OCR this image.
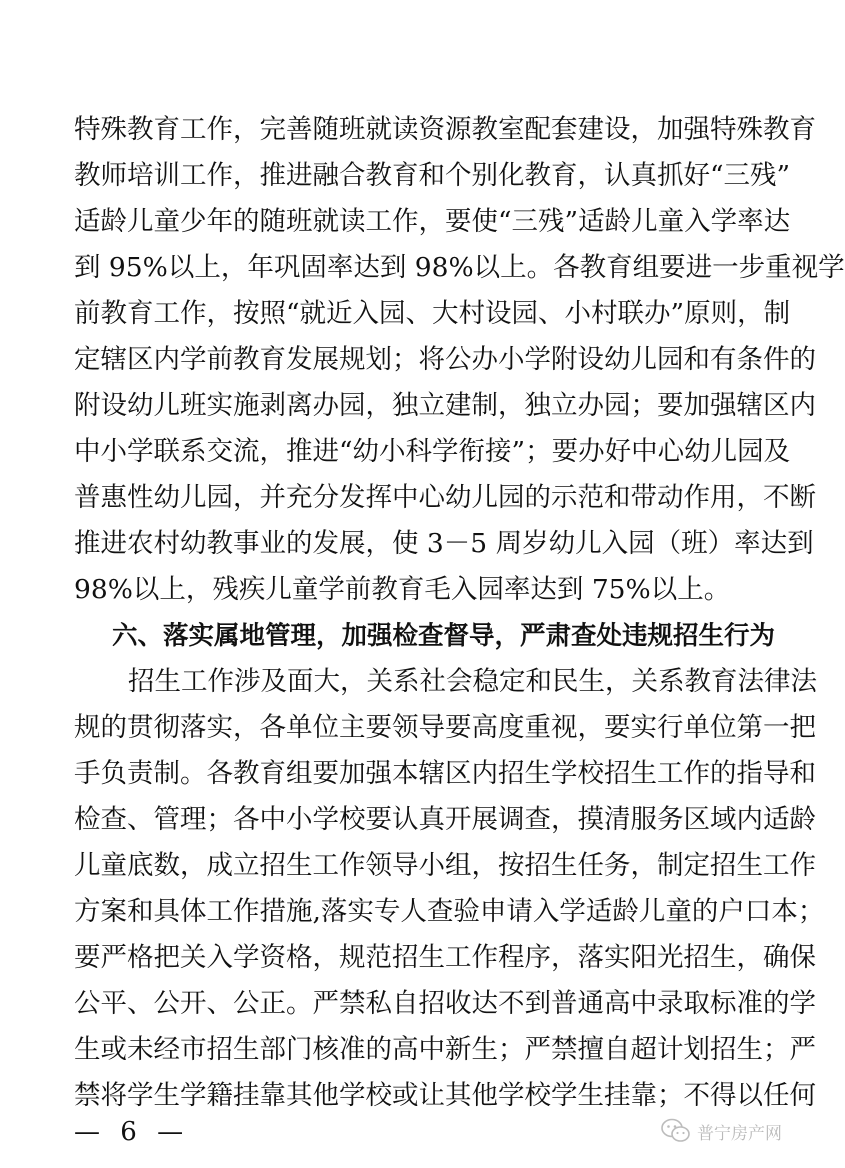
特殊教育工作，完善随班就读资源教室配套建设，加强特殊教育
教师培训工作，推进融合教育和个别化教育，认真抓好“三残”
适龄儿童少年的随班就读工作，要使“三残”适龄儿童入学率达
到 95%以上，年巩固率达到 98%以上。各教育组要进一步重视学
前教育工作，按照“就近入园、大村设园、小村联办”原则，制
定辖区内学前教育发展规划；将公办小学附设幼儿园和有条件的
附设幼儿班实施剥离办园，独立建制，独立办园；要加强辖区内
中小学联系交流，推进“幼小科学衔接”；要办好中心幼儿园及
普惠性幼儿园，并充分发挥中心幼儿园的示范和带动作用，不断
推进农村幼教事业的发展，使 3－5 周岁幼儿入园（班）率达到
98%以上，残疾儿童学前教育毛入园率达到 75%以上。
六、落实属地管理，加强检查督导，严肃查处违规招生行为
招生工作涉及面大，关系社会稳定和民生，关系教育法律法
规的贯彻落实，各单位主要领导要高度重视，要实行单位第一把
手负责制。各教育组要加强本辖区内招生学校招生工作的指导和
检查、管理；各中小学校要认真开展调查，摸清服务区域内适龄
儿童底数，成立招生工作领导小组，按招生任务，制定招生工作
方案和具体工作措施,落实专人查验申请入学适龄儿童的户口本；
要严格把关入学资格，规范招生工作程序，落实阳光招生，确保
公平、公开、公正。严禁私自招收达不到普通高中录取标准的学
生或未经市招生部门核准的高中新生；严禁擅自超计划招生；严
禁将学生学籍挂靠其他学校或让其他学校学生挂靠；不得以任何
— 6 —	普宁房产网
